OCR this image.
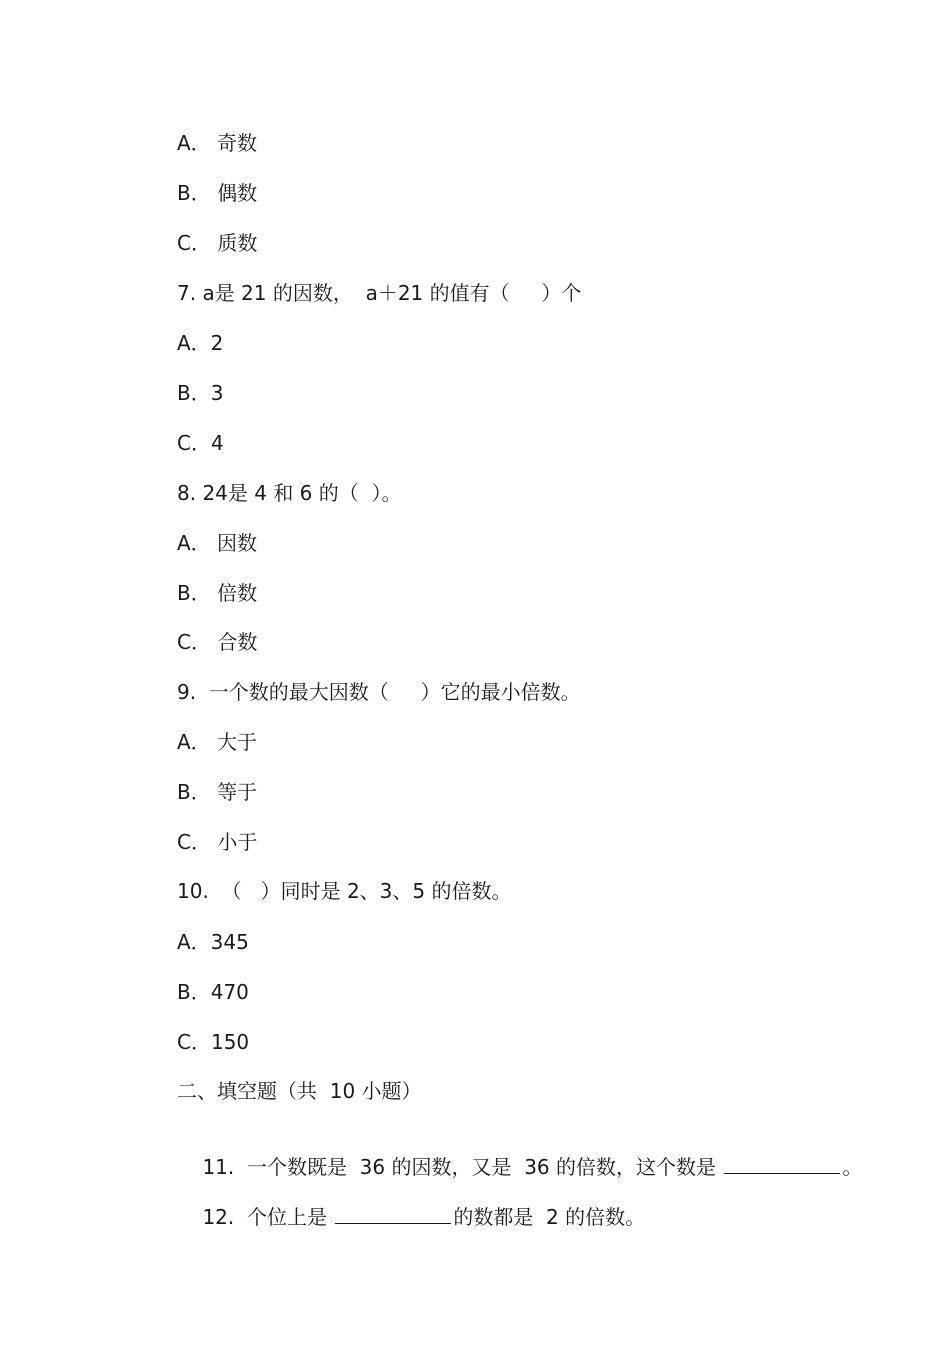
A． 奇数
B． 偶数
C． 质数
7. a是 21 的因数，  a＋21 的值有（     ）个
A．2
B．3
C．4
8. 24是 4 和 6 的（  ）。
A． 因数
B． 倍数
C． 合数
9.  一个数的最大因数（     ）它的最小倍数。
A． 大于
B． 等于
C． 小于
10.  （   ）同时是 2、3、5 的倍数。
A．345
B．470
C．150
二、填空题（共  10 小题）

11.  一个数既是  36 的因数，又是  36 的倍数，这个数是	。

12.  个位上是	的数都是  2 的倍数。
